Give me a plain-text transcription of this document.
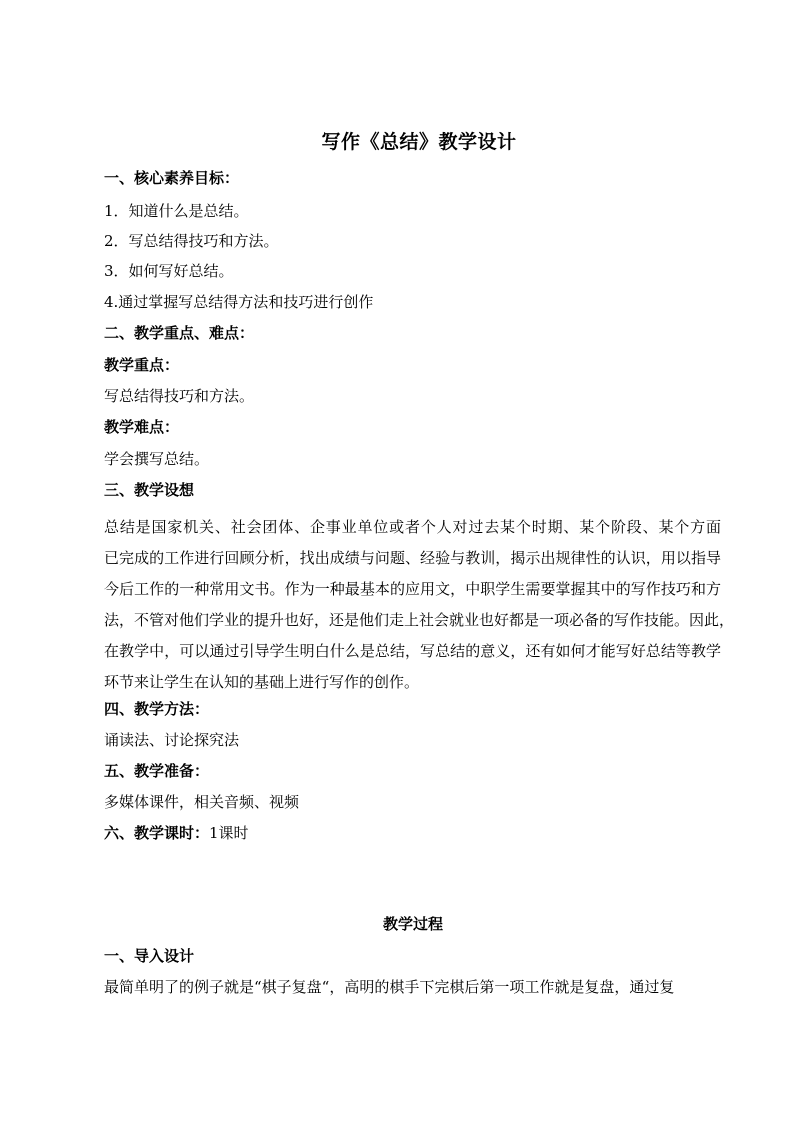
写作《总结》教学设计
一、核心素养目标：
1．知道什么是总结。
2．写总结得技巧和方法。
3．如何写好总结。
4.通过掌握写总结得方法和技巧进行创作
二、教学重点、难点：
教学重点：
写总结得技巧和方法。
教学难点：
学会撰写总结。
三、教学设想
总结是国家机关、社会团体、企事业单位或者个人对过去某个时期、某个阶段、某个方面
已完成的工作进行回顾分析，找出成绩与问题、经验与教训，揭示出规律性的认识，用以指导
今后工作的一种常用文书。作为一种最基本的应用文，中职学生需要掌握其中的写作技巧和方
法，不管对他们学业的提升也好，还是他们走上社会就业也好都是一项必备的写作技能。因此，
在教学中，可以通过引导学生明白什么是总结，写总结的意义，还有如何才能写好总结等教学
环节来让学生在认知的基础上进行写作的创作。
四、教学方法：
诵读法、讨论探究法
五、教学准备：
多媒体课件，相关音频、视频
六、教学课时：1课时
教学过程
一、导入设计
最简单明了的例子就是“棋子复盘“，高明的棋手下完棋后第一项工作就是复盘，通过复
